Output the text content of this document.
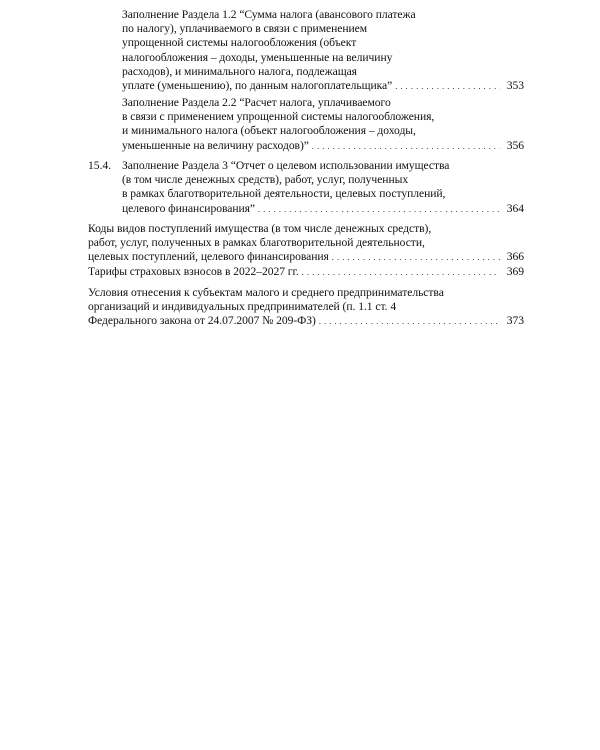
Заполнение Раздела 1.2 “Сумма налога (авансового платежа
по налогу), уплачиваемого в связи с применением
упрощенной системы налогообложения (объект
налогообложения – доходы, уменьшенные на величину
расходов), и минимального налога, подлежащая
уплате (уменьшению), по данным налогоплательщика” . . .	353
Заполнение Раздела 2.2 “Расчет налога, уплачиваемого
в связи с применением упрощенной системы налогообложения,
и минимального налога (объект налогообложения – доходы,
уменьшенные на величину расходов)” . . .	356
15.4. Заполнение Раздела 3 “Отчет о целевом использовании имущества
(в том числе денежных средств), работ, услуг, полученных
в рамках благотворительной деятельности, целевых поступлений,
целевого финансирования” . . .	364
Коды видов поступлений имущества (в том числе денежных средств),
работ, услуг, полученных в рамках благотворительной деятельности,
целевых поступлений, целевого финансирования . . .	366
Тарифы страховых взносов в 2022–2027 гг. . . .	369
Условия отнесения к субъектам малого и среднего предпринимательства
организаций и индивидуальных предпринимателей (п. 1.1 ст. 4
Федерального закона от 24.07.2007 № 209-ФЗ) . . .	373
